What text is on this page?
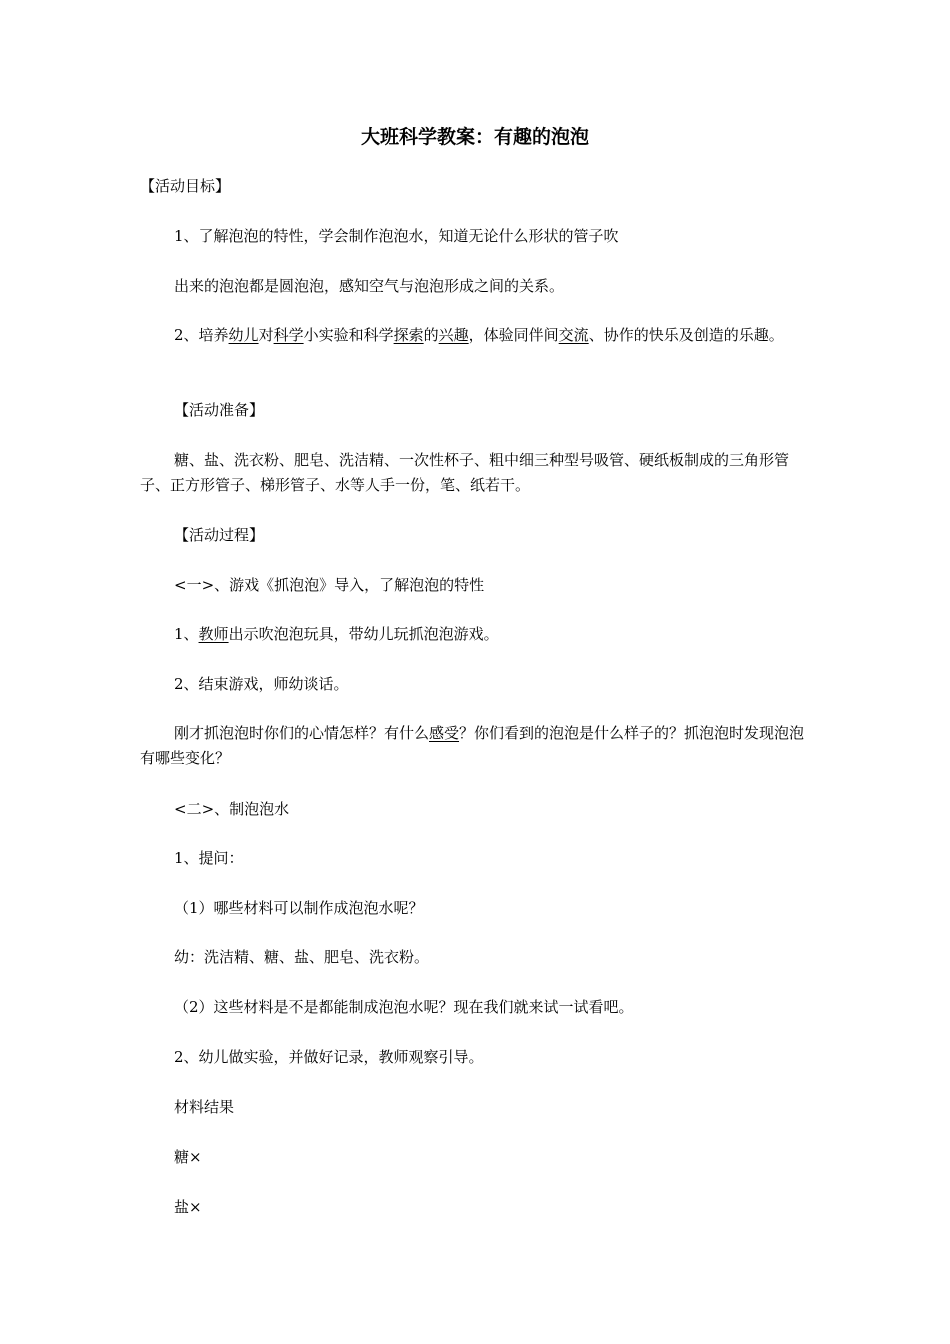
大班科学教案：有趣的泡泡
【活动目标】
1、了解泡泡的特性，学会制作泡泡水，知道无论什么形状的管子吹
出来的泡泡都是圆泡泡，感知空气与泡泡形成之间的关系。
2、培养幼儿对科学小实验和科学探索的兴趣，体验同伴间交流、协作的快乐及创造的乐趣。
【活动准备】
糖、盐、洗衣粉、肥皂、洗洁精、一次性杯子、粗中细三种型号吸管、硬纸板制成的三角形管子、正方形管子、梯形管子、水等人手一份，笔、纸若干。
【活动过程】
<一>、游戏《抓泡泡》导入，了解泡泡的特性
1、教师出示吹泡泡玩具，带幼儿玩抓泡泡游戏。
2、结束游戏，师幼谈话。
刚才抓泡泡时你们的心情怎样？有什么感受？你们看到的泡泡是什么样子的？抓泡泡时发现泡泡有哪些变化？
<二>、制泡泡水
1、提问：
（1）哪些材料可以制作成泡泡水呢？
幼：洗洁精、糖、盐、肥皂、洗衣粉。
（2）这些材料是不是都能制成泡泡水呢？现在我们就来试一试看吧。
2、幼儿做实验，并做好记录，教师观察引导。
材料结果
糖×
盐×
